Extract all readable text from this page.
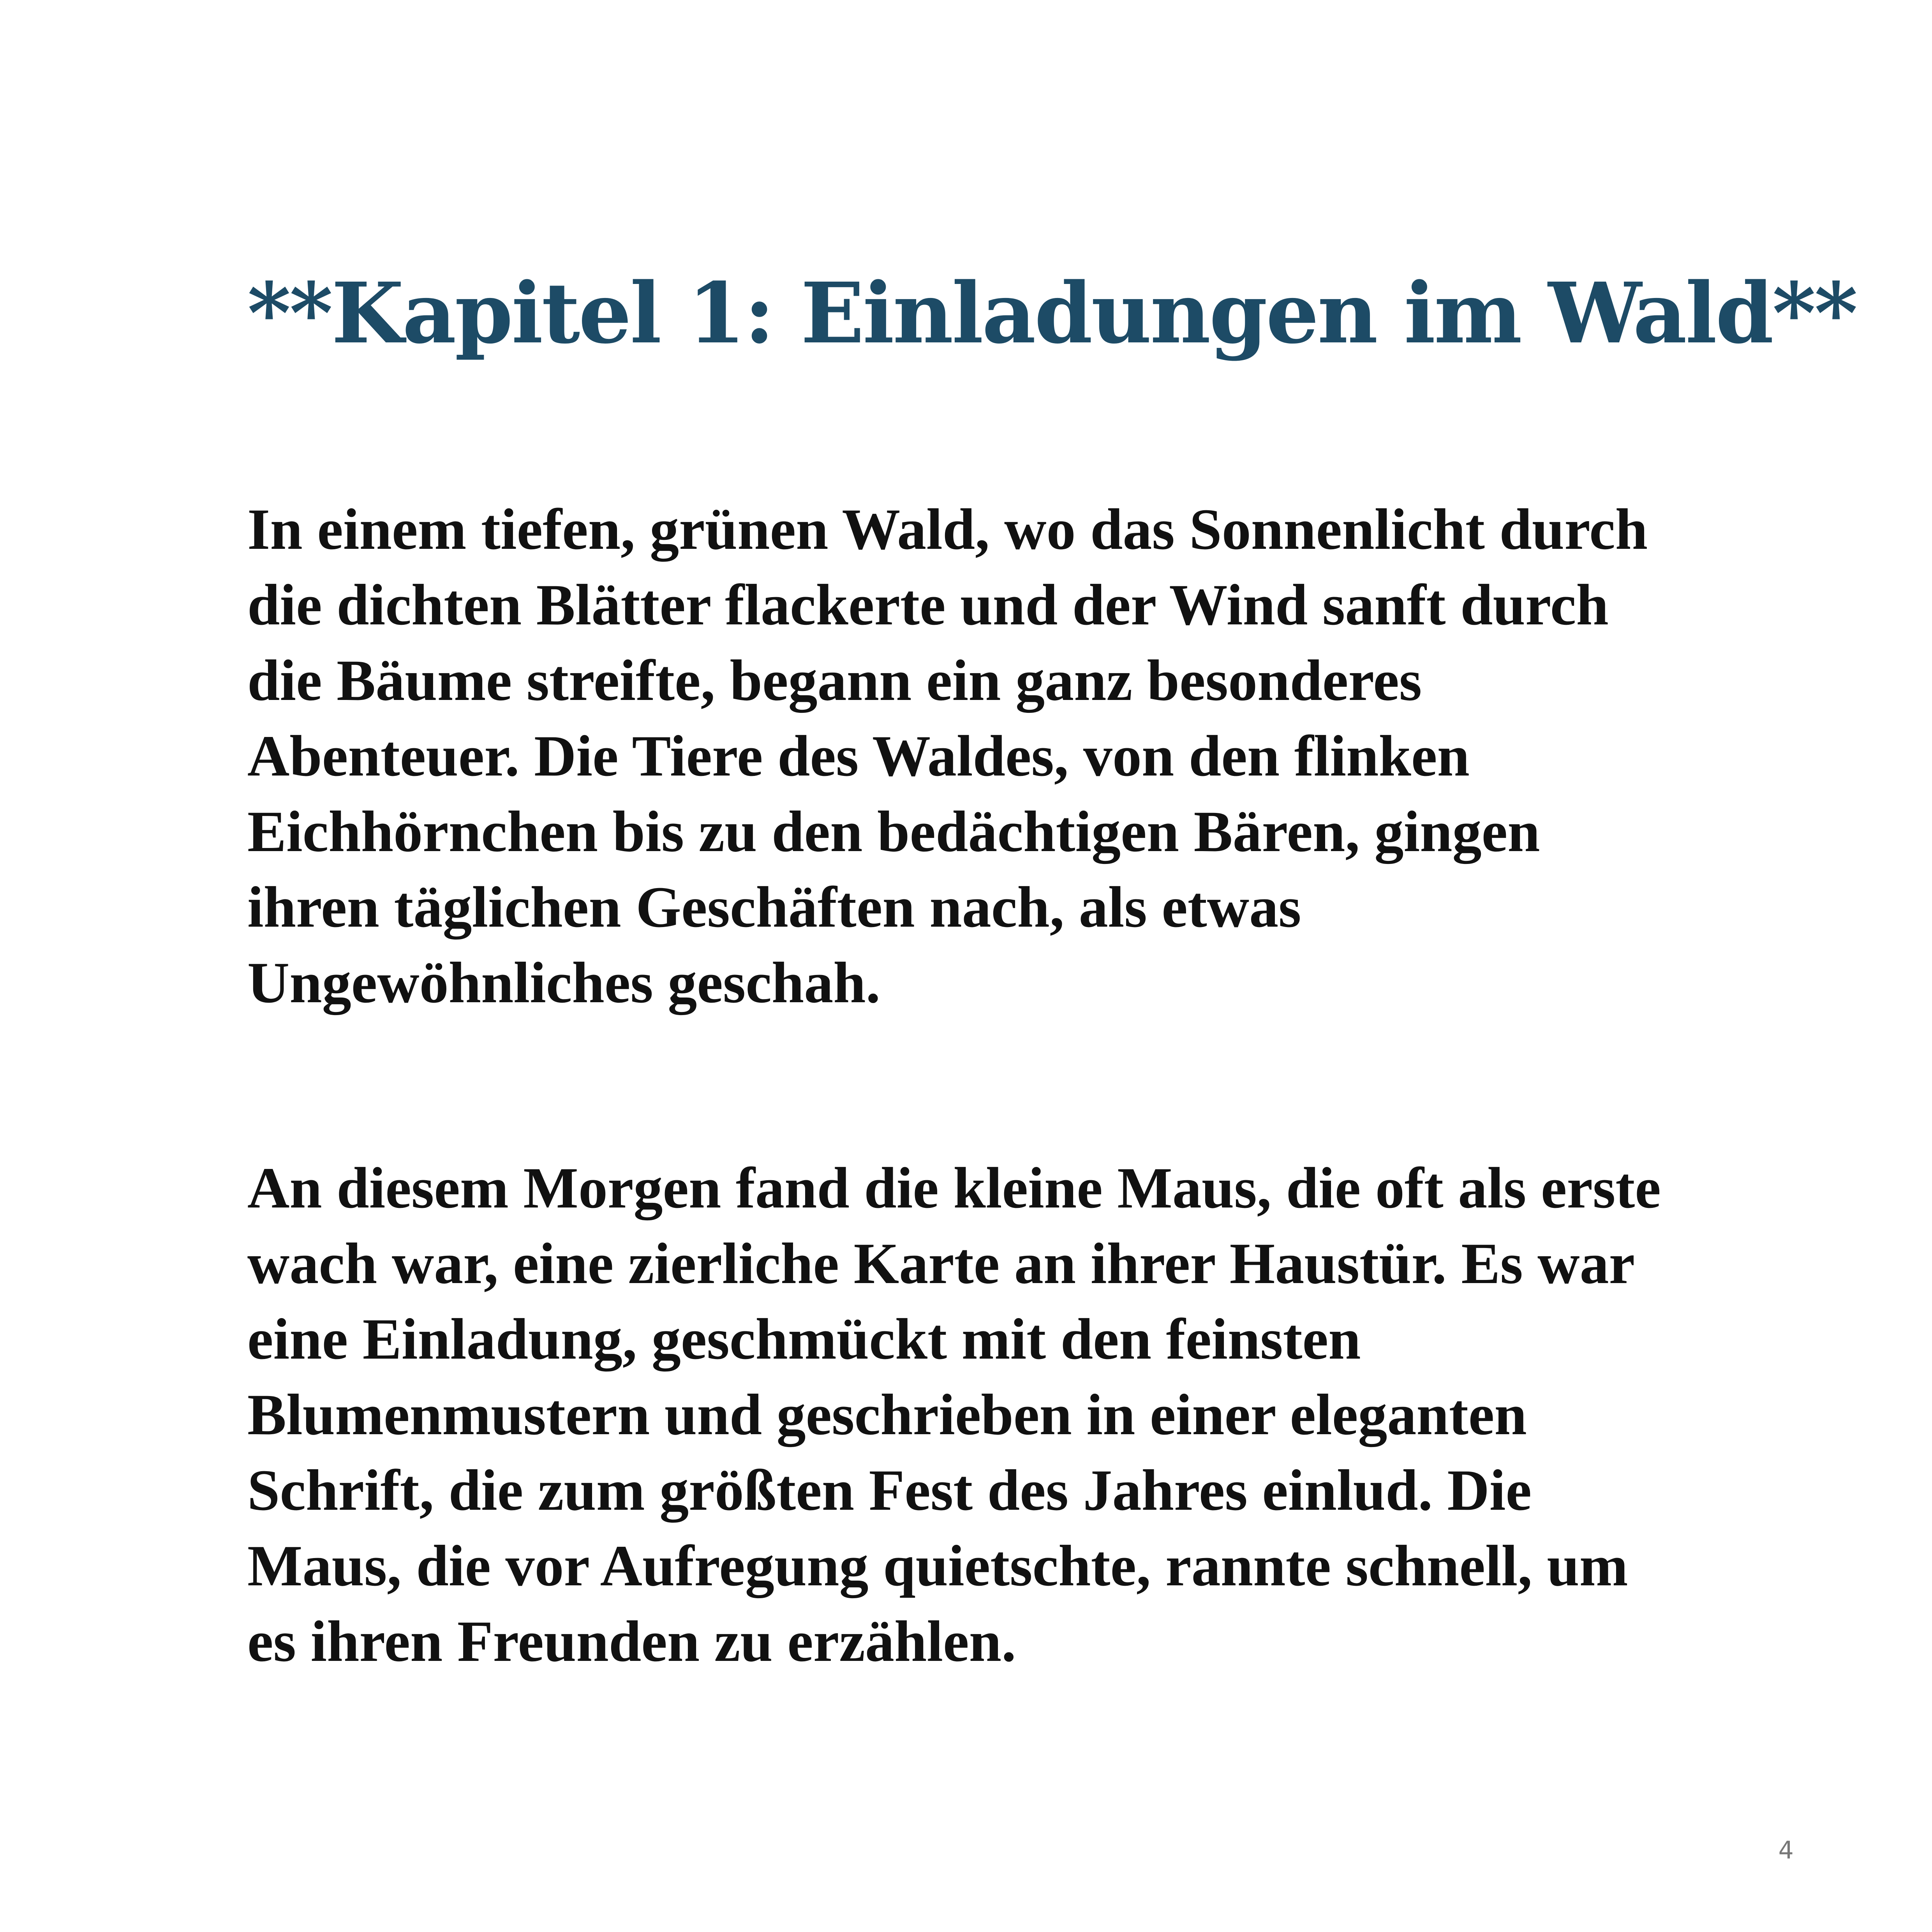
**Kapitel 1: Einladungen im Wald**

In einem tiefen, grünen Wald, wo das Sonnenlicht durch
die dichten Blätter flackerte und der Wind sanft durch
die Bäume streifte, begann ein ganz besonderes
Abenteuer. Die Tiere des Waldes, von den flinken
Eichhörnchen bis zu den bedächtigen Bären, gingen
ihren täglichen Geschäften nach, als etwas
Ungewöhnliches geschah.

An diesem Morgen fand die kleine Maus, die oft als erste
wach war, eine zierliche Karte an ihrer Haustür. Es war
eine Einladung, geschmückt mit den feinsten
Blumenmustern und geschrieben in einer eleganten
Schrift, die zum größten Fest des Jahres einlud. Die
Maus, die vor Aufregung quietschte, rannte schnell, um
es ihren Freunden zu erzählen.

4
